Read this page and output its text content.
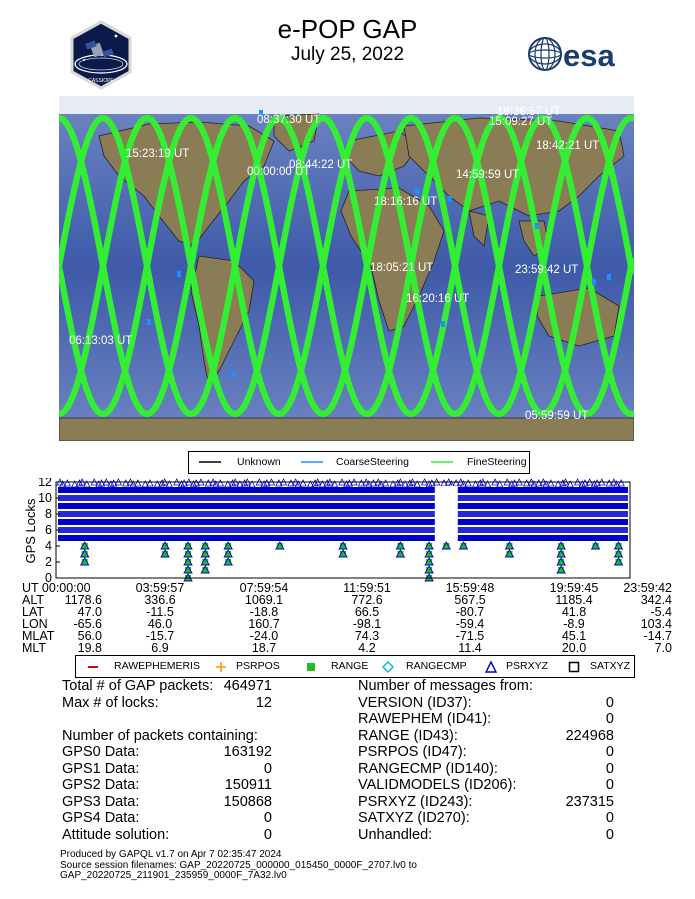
e-POP GAP
July 25, 2022
CASSIOPE
esa
08:37:30 UT
18:36:57 UT
15:09:27 UT
15:23:19 UT
18:42:21 UT
00:00:00 UT
08:44:22 UT
14:59:59 UT
18:16:16 UT
18:05:21 UT	23:59:42 UT
16:20:16 UT
06:13:03 UT
05:59:59 UT
Unknown	CoarseSteering	FineSteering
GPS Locks
0
2
4
6
8
10
12
UT 00:00:00	03:59:57	07:59:54	11:59:51	15:59:48	19:59:45	23:59:42
ALT 1178.6	336.6	1069.1	772.6	567.5	1185.4	342.4
LAT	47.0	-11.5	-18.8	66.5	-80.7	41.8	-5.4
LON -65.6	46.0	160.7	-98.1	-59.4	-8.9	103.4
MLAT 56.0	-15.7	-24.0	74.3	-71.5	45.1	-14.7
MLT	19.8	6.9	18.7	4.2	11.4	20.0	7.0
RAWEPHEMERIS	PSRPOS	RANGE	RANGECMP	PSRXYZ	SATXYZ
Total # of GAP packets: 464971
Max # of locks:	12
Number of packets containing:
GPS0 Data:	163192
GPS1 Data:	0
GPS2 Data:	150911
GPS3 Data:	150868
GPS4 Data:	0
Attitude solution:	0
Number of messages from:
VERSION (ID37):	0
RAWEPHEM (ID41):	0
RANGE (ID43):	224968
PSRPOS (ID47):	0
RANGECMP (ID140):	0
VALIDMODELS (ID206):	0
PSRXYZ (ID243):	237315
SATXYZ (ID270):	0
Unhandled:	0
Produced by GAPQL v1.7 on Apr 7 02:35:47 2024
Source session filenames: GAP_20220725_000000_015450_0000F_2707.lv0 to
GAP_20220725_211901_235959_0000F_7A32.lv0
